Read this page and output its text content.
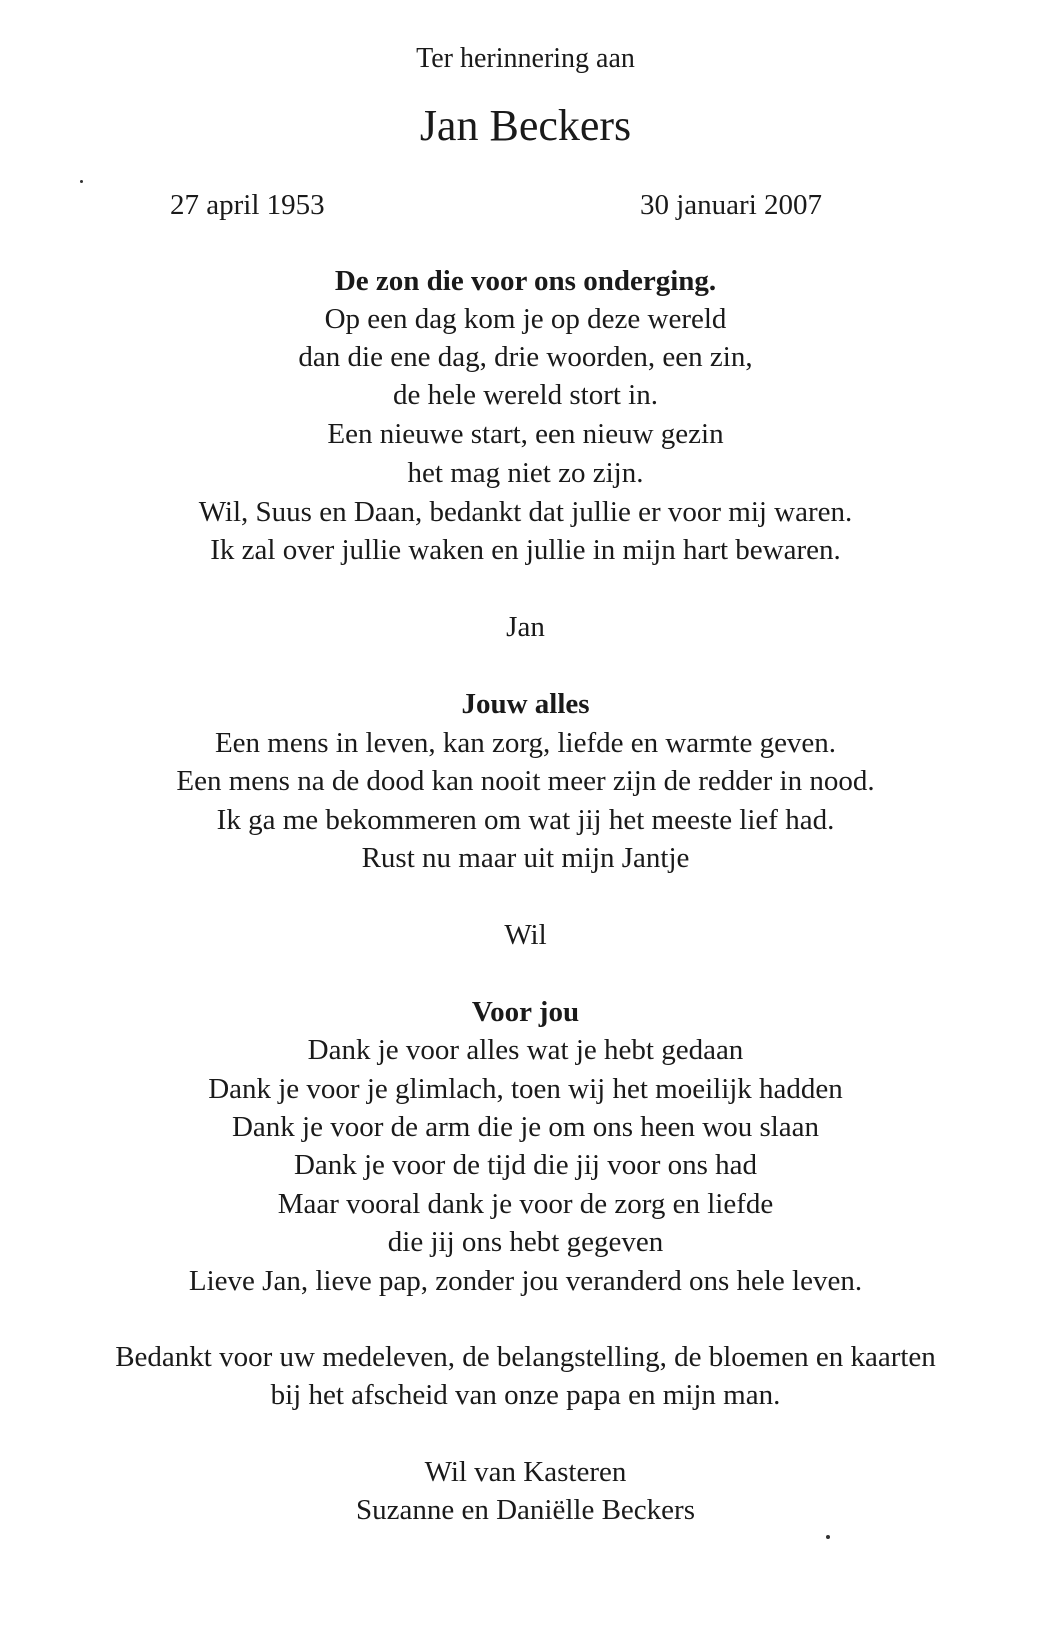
Ter herinnering aan
Jan Beckers
27 april 1953	30 januari 2007
De zon die voor ons onderging.
Op een dag kom je op deze wereld
dan die ene dag, drie woorden, een zin,
de hele wereld stort in.
Een nieuwe start, een nieuw gezin
het mag niet zo zijn.
Wil, Suus en Daan, bedankt dat jullie er voor mij waren.
Ik zal over jullie waken en jullie in mijn hart bewaren.
Jan
Jouw alles
Een mens in leven, kan zorg, liefde en warmte geven.
Een mens na de dood kan nooit meer zijn de redder in nood.
Ik ga me bekommeren om wat jij het meeste lief had.
Rust nu maar uit mijn Jantje
Wil
Voor jou
Dank je voor alles wat je hebt gedaan
Dank je voor je glimlach, toen wij het moeilijk hadden
Dank je voor de arm die je om ons heen wou slaan
Dank je voor de tijd die jij voor ons had
Maar vooral dank je voor de zorg en liefde
die jij ons hebt gegeven
Lieve Jan, lieve pap, zonder jou veranderd ons hele leven.
Bedankt voor uw medeleven, de belangstelling, de bloemen en kaarten
bij het afscheid van onze papa en mijn man.
Wil van Kasteren
Suzanne en Daniëlle Beckers
